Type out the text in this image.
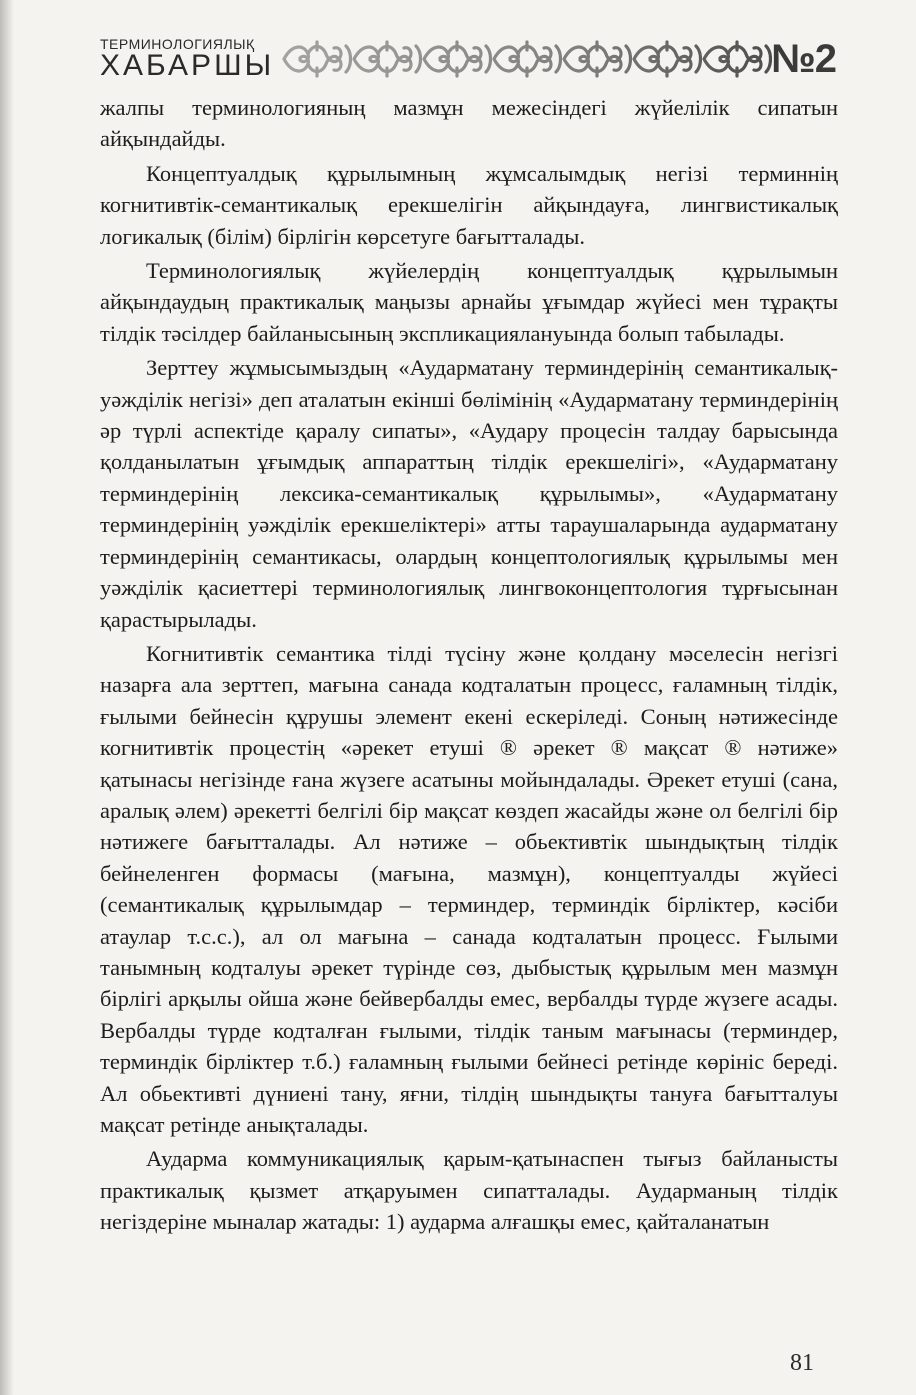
ТЕРМИНОЛОГИЯЛЫҚ
ХАБАРШЫ	№2

жалпы терминологияның мазмұн межесіндегі жүйелілік сипатын айқындайды.

Концептуалдық құрылымның жұмсалымдық негізі терминнің когнитивтік-семантикалық ерекшелігін айқындауға, лингвистикалық логикалық (білім) бірлігін көрсетуге бағытталады.

Терминологиялық жүйелердің концептуалдық құрылымын айқындаудың практикалық маңызы арнайы ұғымдар жүйесі мен тұрақты тілдік тәсілдер байланысының экспликациялануында болып табылады.

Зерттеу жұмысымыздың «Аударматану терминдерінің семантикалық-уәжділік негізі» деп аталатын екінші бөлімінің «Аударматану терминдерінің әр түрлі аспектіде қаралу сипаты», «Аудару процесін талдау барысында қолданылатын ұғымдық аппараттың тілдік ерекшелігі», «Аударматану терминдерінің лексика-семантикалық құрылымы», «Аударматану терминдерінің уәжділік ерекшеліктері» атты тараушаларында аударматану терминдерінің семантикасы, олардың концептологиялық құрылымы мен уәжділік қасиеттері терминологиялық лингвоконцептология тұрғысынан қарастырылады.

Когнитивтік семантика тілді түсіну және қолдану мәселесін негізгі назарға ала зерттеп, мағына санада кодталатын процесс, ғаламның тілдік, ғылыми бейнесін құрушы элемент екені ескеріледі. Соның нәтижесінде когнитивтік процестің «әрекет етуші ® әрекет ® мақсат ® нәтиже» қатынасы негізінде ғана жүзеге асатыны мойындалады. Әрекет етуші (сана, аралық әлем) әрекетті белгілі бір мақсат көздеп жасайды және ол белгілі бір нәтижеге бағытталады. Ал нәтиже – обьективтік шындықтың тілдік бейнеленген формасы (мағына, мазмұн), концептуалды жүйесі (семантикалық құрылымдар – терминдер, терминдік бірліктер, кәсіби атаулар т.с.с.), ал ол мағына – санада кодталатын процесс. Ғылыми танымның кодталуы әрекет түрінде сөз, дыбыстық құрылым мен мазмұн бірлігі арқылы ойша және бейвербалды емес, вербалды түрде жүзеге асады. Вербалды түрде кодталған ғылыми, тілдік таным мағынасы (терминдер, терминдік бірліктер т.б.) ғаламның ғылыми бейнесі ретінде көрініс береді. Ал обьективті дүниені тану, яғни, тілдің шындықты тануға бағытталуы мақсат ретінде анықталады.

Аударма коммуникациялық қарым-қатынаспен тығыз байланысты практикалық қызмет атқаруымен сипатталады. Аударманың тілдік негіздеріне мыналар жатады: 1) аударма алғашқы емес, қайталанатын

81
